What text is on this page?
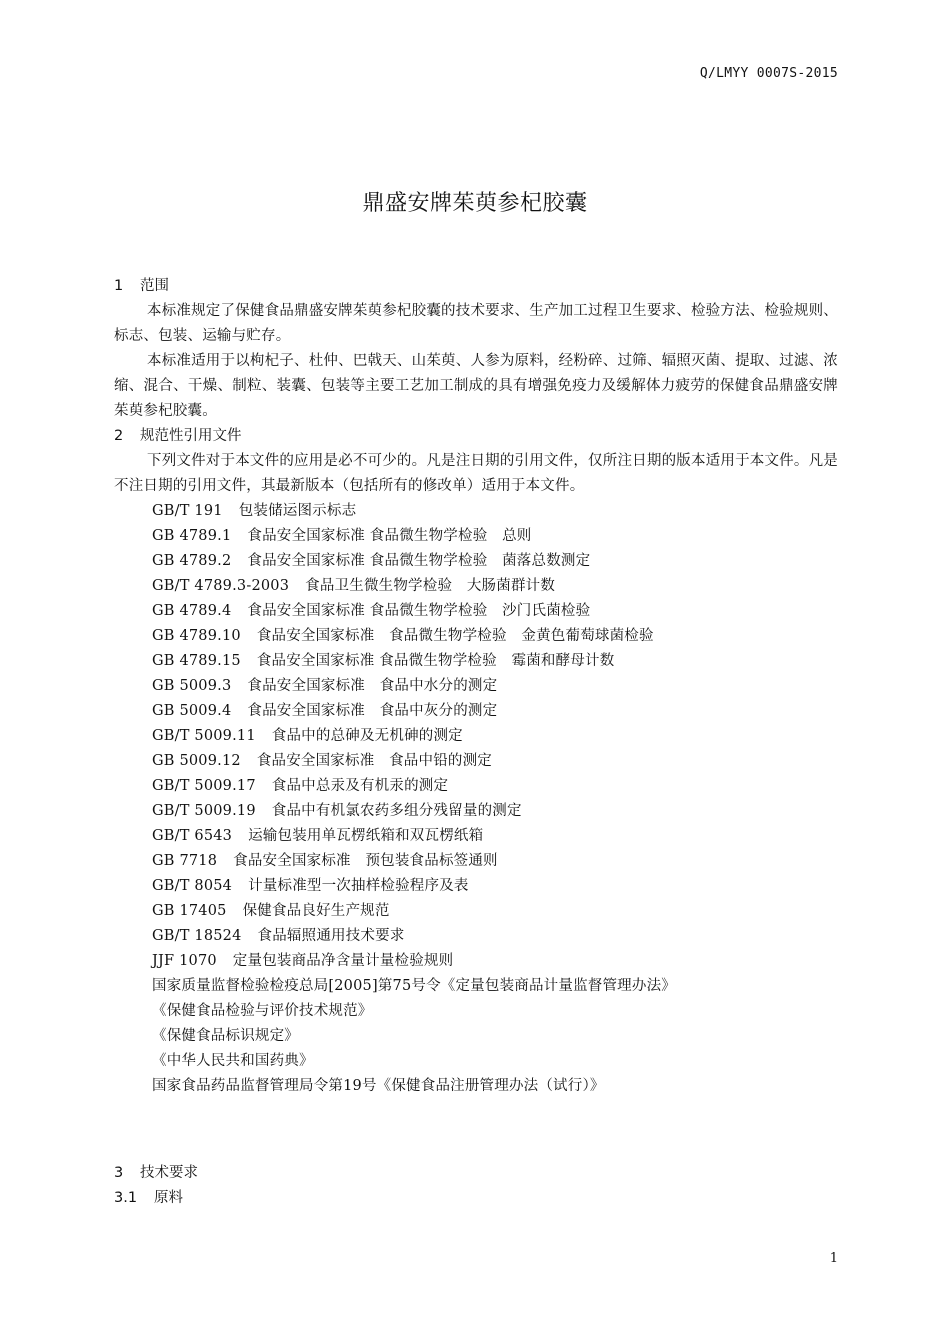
Q/LMYY 0007S-2015
鼎盛安牌茱萸参杞胶囊
1 范围
本标准规定了保健食品鼎盛安牌茱萸参杞胶囊的技术要求、生产加工过程卫生要求、检验方法、检验规则、标志、包装、运输与贮存。
本标准适用于以枸杞子、杜仲、巴戟天、山茱萸、人参为原料，经粉碎、过筛、辐照灭菌、提取、过滤、浓缩、混合、干燥、制粒、装囊、包装等主要工艺加工制成的具有增强免疫力及缓解体力疲劳的保健食品鼎盛安牌茱萸参杞胶囊。
2 规范性引用文件
下列文件对于本文件的应用是必不可少的。凡是注日期的引用文件，仅所注日期的版本适用于本文件。凡是不注日期的引用文件，其最新版本（包括所有的修改单）适用于本文件。
GB/T 191 包装储运图示标志
GB 4789.1 食品安全国家标准 食品微生物学检验　总则
GB 4789.2 食品安全国家标准 食品微生物学检验　菌落总数测定
GB/T 4789.3-2003 食品卫生微生物学检验　大肠菌群计数
GB 4789.4 食品安全国家标准 食品微生物学检验　沙门氏菌检验
GB 4789.10 食品安全国家标准　食品微生物学检验　金黄色葡萄球菌检验
GB 4789.15 食品安全国家标准 食品微生物学检验　霉菌和酵母计数
GB 5009.3 食品安全国家标准　食品中水分的测定
GB 5009.4 食品安全国家标准　食品中灰分的测定
GB/T 5009.11 食品中的总砷及无机砷的测定
GB 5009.12 食品安全国家标准　食品中铅的测定
GB/T 5009.17 食品中总汞及有机汞的测定
GB/T 5009.19 食品中有机氯农药多组分残留量的测定
GB/T 6543 运输包装用单瓦楞纸箱和双瓦楞纸箱
GB 7718 食品安全国家标准　预包装食品标签通则
GB/T 8054 计量标准型一次抽样检验程序及表
GB 17405 保健食品良好生产规范
GB/T 18524 食品辐照通用技术要求
JJF 1070 定量包装商品净含量计量检验规则
国家质量监督检验检疫总局[2005]第75号令《定量包装商品计量监督管理办法》
《保健食品检验与评价技术规范》
《保健食品标识规定》
《中华人民共和国药典》
国家食品药品监督管理局令第19号《保健食品注册管理办法（试行）》
3 技术要求
3.1 原料
1
